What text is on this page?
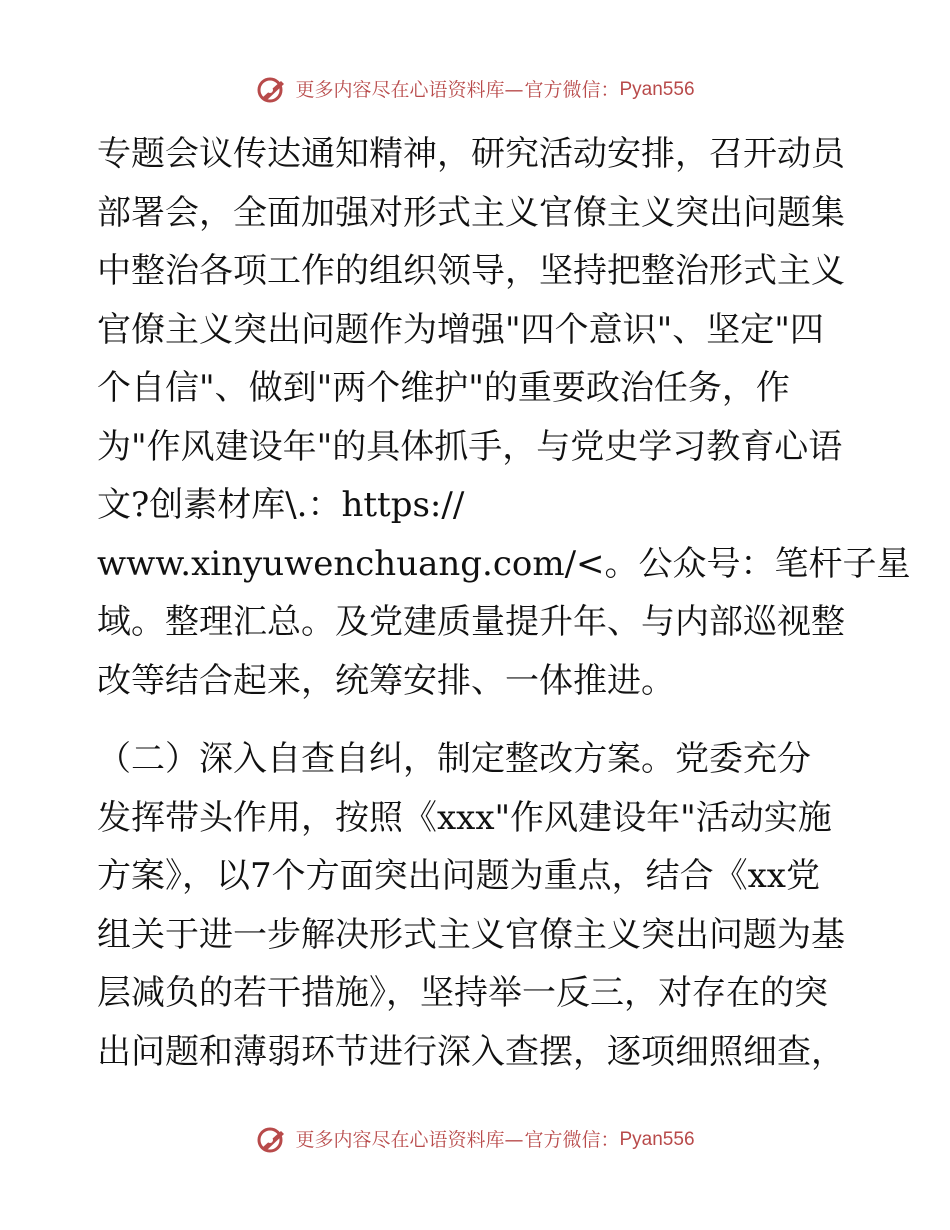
更多内容尽在心语资料库 — 官方微信： Pyan556

专题会议传达通知精神，研究活动安排，召开动员
部署会，全面加强对形式主义官僚主义突出问题集
中整治各项工作的组织领导，坚持把整治形式主义
官僚主义突出问题作为增强"四个意识"、坚定"四
个自信"、做到"两个维护"的重要政治任务，作
为"作风建设年"的具体抓手，与党史学习教育心语
文?创素材库\.：https://
www.xinyuwenchuang.com/<。公众号：笔杆子星
域。整理汇总。及党建质量提升年、与内部巡视整
改等结合起来，统筹安排、一体推进。

（二）深入自查自纠，制定整改方案。党委充分
发挥带头作用，按照《xxx"作风建设年"活动实施
方案》，以7个方面突出问题为重点，结合《xx党
组关于进一步解决形式主义官僚主义突出问题为基
层减负的若干措施》，坚持举一反三，对存在的突
出问题和薄弱环节进行深入查摆，逐项细照细查，

更多内容尽在心语资料库 — 官方微信： Pyan556
